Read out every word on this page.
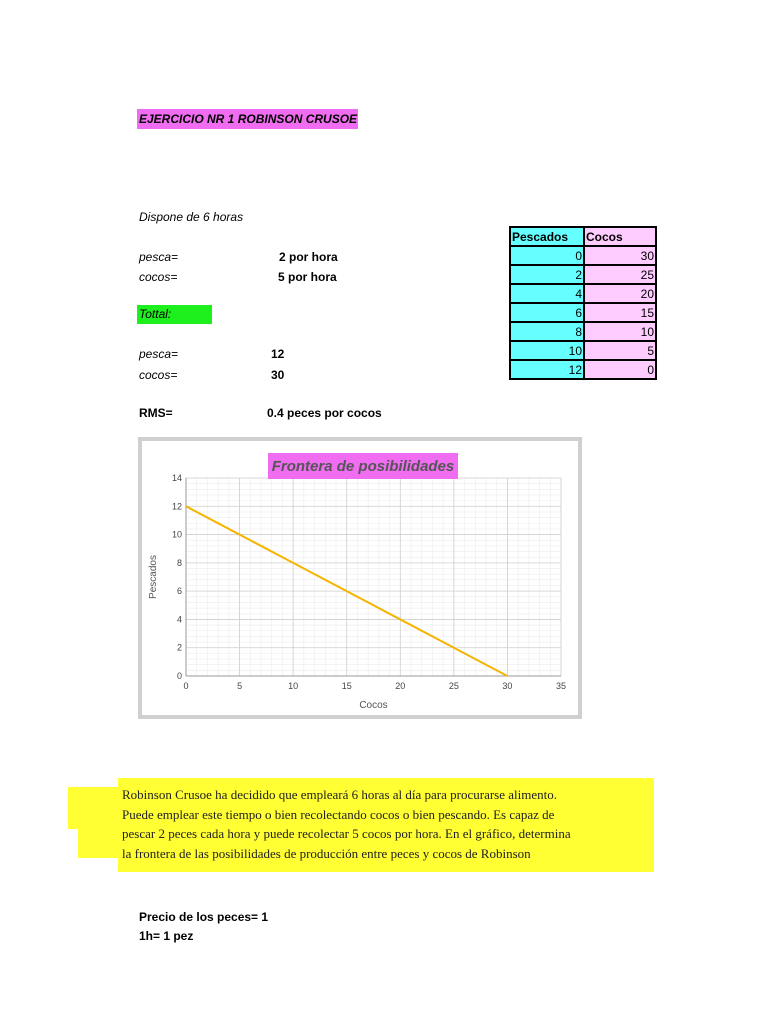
EJERCICIO NR 1 ROBINSON CRUSOE
Dispone de 6 horas
pesca=	2 por hora
cocos=	5 por hora
Tottal:
pesca=	12
cocos=	30
RMS=	0.4 peces por cocos
Pescados	Cocos
0	30
2	25
4	20
6	15
8	10
10	5
12	0
0
2
4
6
8
10
12
14
0	5	10	15	20	25	30	35
Frontera de posibilidades
Cocos
Pescados
Robinson Crusoe ha decidido que empleará 6 horas al día para procurarse alimento.
Puede emplear este tiempo o bien recolectando cocos o bien pescando. Es capaz de
pescar 2 peces cada hora y puede recolectar 5 cocos por hora. En el gráfico, determina
la frontera de las posibilidades de producción entre peces y cocos de Robinson
Precio de los peces= 1
1h= 1 pez
